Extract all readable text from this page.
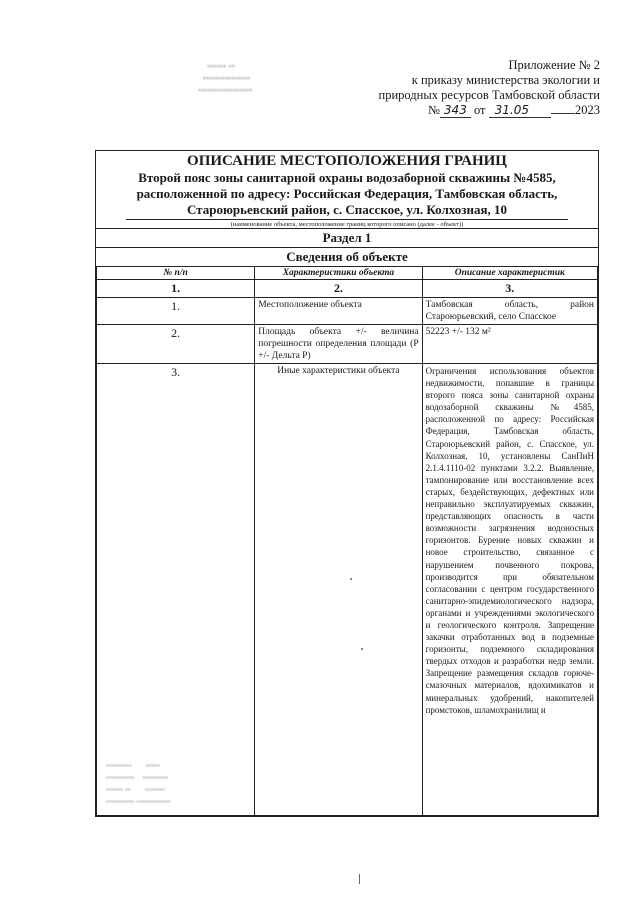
▪▪▪▪▪▪ ▪▪
▪▪▪▪▪▪▪▪▪▪▪▪▪▪▪
▪▪▪▪▪▪▪▪▪▪▪▪▪▪▪▪▪
Приложение № 2
к приказу министерства экологии и
природных ресурсов Тамбовской области
№ 343 от 31.05	2023
ОПИСАНИЕ МЕСТОПОЛОЖЕНИЯ ГРАНИЦ
Второй пояс зоны санитарной охраны водозаборной скважины №4585,
расположенной по адресу: Российская Федерация, Тамбовская область,
Староюрьевский район, с. Спасское, ул. Колхозная, 10
(наименование объекта, местоположение границ которого описано (далее - объект))
Раздел 1
Сведения об объекте
№ п/п	Характеристики объекта	Описание характеристик
1.	2.	3.
1.	Местоположение объекта	Тамбовская область, район Староюрьевский, село Спасское
2.	Площадь объекта +/- величина погрешности определения площади (Р +/- Дельта Р)	52223 +/- 132 м²
3.	Иные характеристики объекта	Ограничения использования объектов недвижимости, попавшие в границы второго пояса зоны санитарной охраны водозаборной скважины №4585, расположенной по адресу: Российская Федерация, Тамбовская область, Староюрьевский район, с. Спасское, ул. Колхозная, 10, установлены СанПиН 2.1.4.1110-02 пунктами 3.2.2. Выявление, тампонирование или восстановление всех старых, бездействующих, дефектных или неправильно эксплуатируемых скважин, представляющих опасность в части возможности загрязнения водоносных горизонтов. Бурение новых скважин и новое строительство, связанное с нарушением почвенного покрова, производится при обязательном согласовании с центром государственного санитарно-эпидемиологического надзора, органами и учреждениями экологического и геологического контроля. Запрещение закачки отработанных вод в подземные горизонты, подземного складирования твердых отходов и разработки недр земли. Запрещение размещения складов горюче-смазочных материалов, ядохимикатов и минеральных удобрений, накопителей промстоков, шламохранилищ и
▪▪▪▪▪▪▪▪▪       ▪▪▪▪▪
▪▪▪▪▪▪▪▪▪▪    ▪▪▪▪▪▪▪▪▪
▪▪▪▪▪▪ ▪▪       ▪▪▪▪▪▪▪
▪▪▪▪▪▪▪▪▪▪ ▪▪▪▪▪▪▪▪▪▪▪▪
